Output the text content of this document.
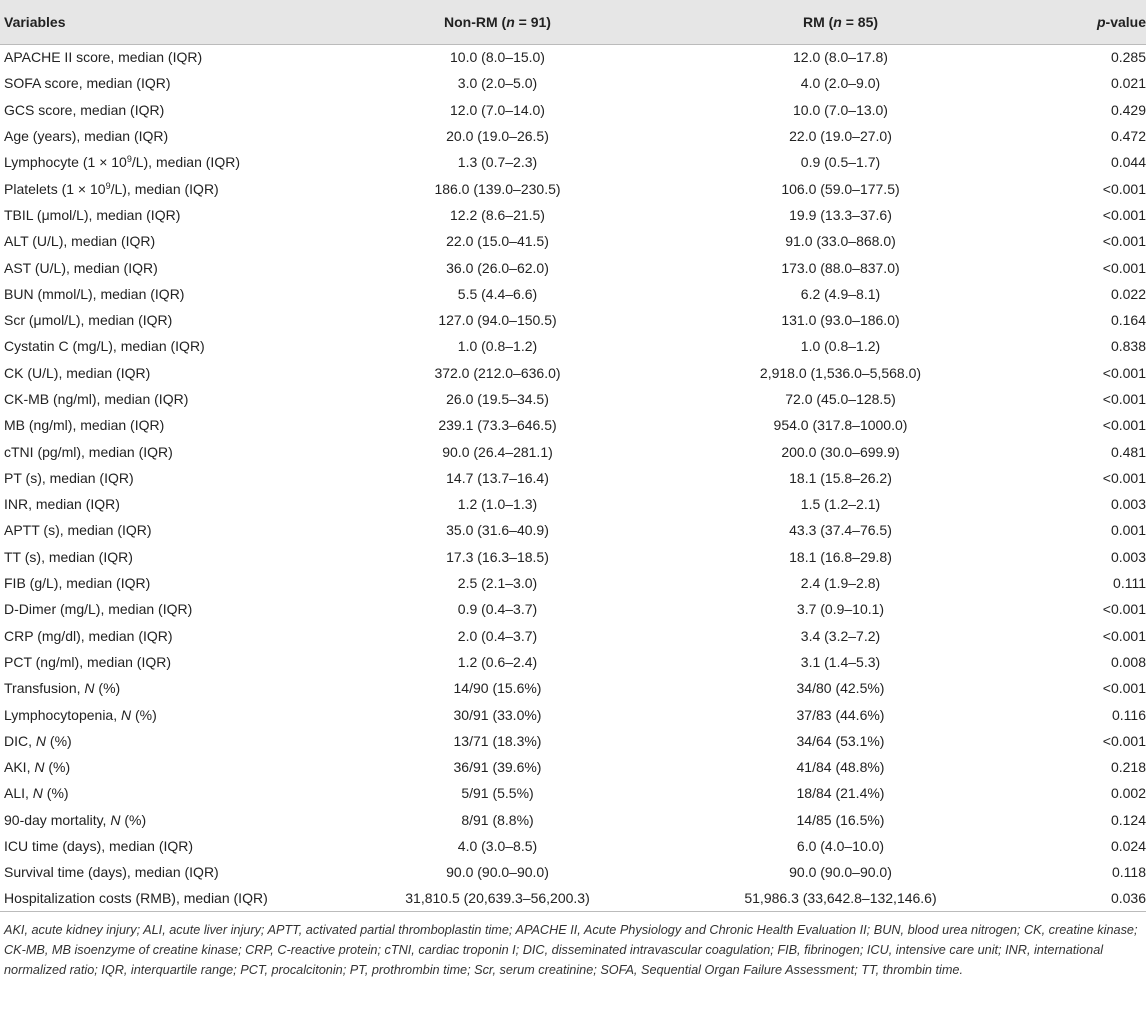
Variables	Non-RM (n = 91)	RM (n = 85)	p-value
APACHE II score, median (IQR)	10.0 (8.0–15.0)	12.0 (8.0–17.8)	0.285
SOFA score, median (IQR)	3.0 (2.0–5.0)	4.0 (2.0–9.0)	0.021
GCS score, median (IQR)	12.0 (7.0–14.0)	10.0 (7.0–13.0)	0.429
Age (years), median (IQR)	20.0 (19.0–26.5)	22.0 (19.0–27.0)	0.472
Lymphocyte $(1 \times 10^9/L)$, median (IQR)	1.3 (0.7–2.3)	0.9 (0.5–1.7)	0.044
Platelets $(1 \times 10^9/L)$, median (IQR)	186.0 (139.0–230.5)	106.0 (59.0–177.5)	<0.001
TBIL (μmol/L), median (IQR)	12.2 (8.6–21.5)	19.9 (13.3–37.6)	<0.001
ALT (U/L), median (IQR)	22.0 (15.0–41.5)	91.0 (33.0–868.0)	<0.001
AST (U/L), median (IQR)	36.0 (26.0–62.0)	173.0 (88.0–837.0)	<0.001
BUN (mmol/L), median (IQR)	5.5 (4.4–6.6)	6.2 (4.9–8.1)	0.022
Scr (μmol/L), median (IQR)	127.0 (94.0–150.5)	131.0 (93.0–186.0)	0.164
Cystatin C (mg/L), median (IQR)	1.0 (0.8–1.2)	1.0 (0.8–1.2)	0.838
CK (U/L), median (IQR)	372.0 (212.0–636.0)	2,918.0 (1,536.0–5,568.0)	<0.001
CK-MB (ng/ml), median (IQR)	26.0 (19.5–34.5)	72.0 (45.0–128.5)	<0.001
MB (ng/ml), median (IQR)	239.1 (73.3–646.5)	954.0 (317.8–1000.0)	<0.001
cTNI (pg/ml), median (IQR)	90.0 (26.4–281.1)	200.0 (30.0–699.9)	0.481
PT (s), median (IQR)	14.7 (13.7–16.4)	18.1 (15.8–26.2)	<0.001
INR, median (IQR)	1.2 (1.0–1.3)	1.5 (1.2–2.1)	0.003
APTT (s), median (IQR)	35.0 (31.6–40.9)	43.3 (37.4–76.5)	0.001
TT (s), median (IQR)	17.3 (16.3–18.5)	18.1 (16.8–29.8)	0.003
FIB (g/L), median (IQR)	2.5 (2.1–3.0)	2.4 (1.9–2.8)	0.111
D-Dimer (mg/L), median (IQR)	0.9 (0.4–3.7)	3.7 (0.9–10.1)	<0.001
CRP (mg/dl), median (IQR)	2.0 (0.4–3.7)	3.4 (3.2–7.2)	<0.001
PCT (ng/ml), median (IQR)	1.2 (0.6–2.4)	3.1 (1.4–5.3)	0.008
Transfusion, N (%)	14/90 (15.6%)	34/80 (42.5%)	<0.001
Lymphocytopenia, N (%)	30/91 (33.0%)	37/83 (44.6%)	0.116
DIC, N (%)	13/71 (18.3%)	34/64 (53.1%)	<0.001
AKI, N (%)	36/91 (39.6%)	41/84 (48.8%)	0.218
ALI, N (%)	5/91 (5.5%)	18/84 (21.4%)	0.002
90-day mortality, N (%)	8/91 (8.8%)	14/85 (16.5%)	0.124
ICU time (days), median (IQR)	4.0 (3.0–8.5)	6.0 (4.0–10.0)	0.024
Survival time (days), median (IQR)	90.0 (90.0–90.0)	90.0 (90.0–90.0)	0.118
Hospitalization costs (RMB), median (IQR)	31,810.5 (20,639.3–56,200.3)	51,986.3 (33,642.8–132,146.6)	0.036
AKI, acute kidney injury; ALI, acute liver injury; APTT, activated partial thromboplastin time; APACHE II, Acute Physiology and Chronic Health Evaluation II; BUN, blood urea nitrogen; CK, creatine kinase; CK-MB, MB isoenzyme of creatine kinase; CRP, C-reactive protein; cTNI, cardiac troponin I; DIC, disseminated intravascular coagulation; FIB, fibrinogen; ICU, intensive care unit; INR, international normalized ratio; IQR, interquartile range; PCT, procalcitonin; PT, prothrombin time; Scr, serum creatinine; SOFA, Sequential Organ Failure Assessment; TT, thrombin time.
